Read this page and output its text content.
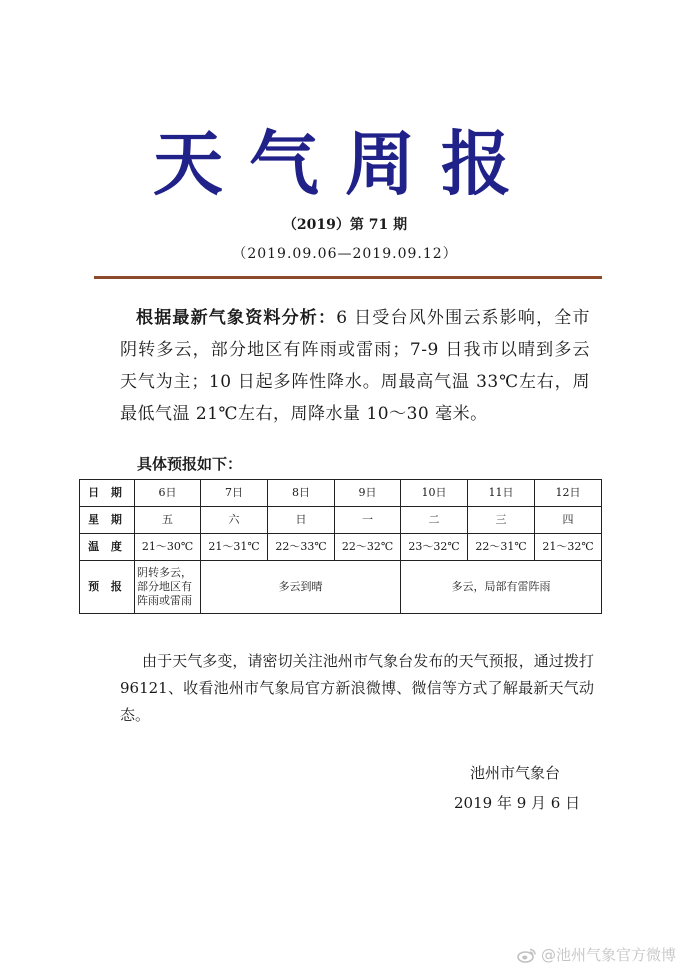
天气周报
（2019）第 71 期
（2019.09.06—2019.09.12）
根据最新气象资料分析：6 日受台风外围云系影响，全市阴转多云，部分地区有阵雨或雷雨；7-9 日我市以晴到多云天气为主；10 日起多阵性降水。周最高气温 33℃左右，周最低气温 21℃左右，周降水量 10～30 毫米。
具体预报如下：
日 期	6日	7日	8日	9日	10日	11日	12日
星 期	五	六	日	一	二	三	四
温 度	21～30℃	21～31℃	22～33℃	22～32℃	23～32℃	22～31℃	21～32℃
预 报	阴转多云，部分地区有阵雨或雷雨	多云到晴			多云，局部有雷阵雨		
由于天气多变，请密切关注池州市气象台发布的天气预报，通过拨打96121、收看池州市气象局官方新浪微博、微信等方式了解最新天气动态。
池州市气象台
2019 年 9 月 6 日
@池州气象官方微博
